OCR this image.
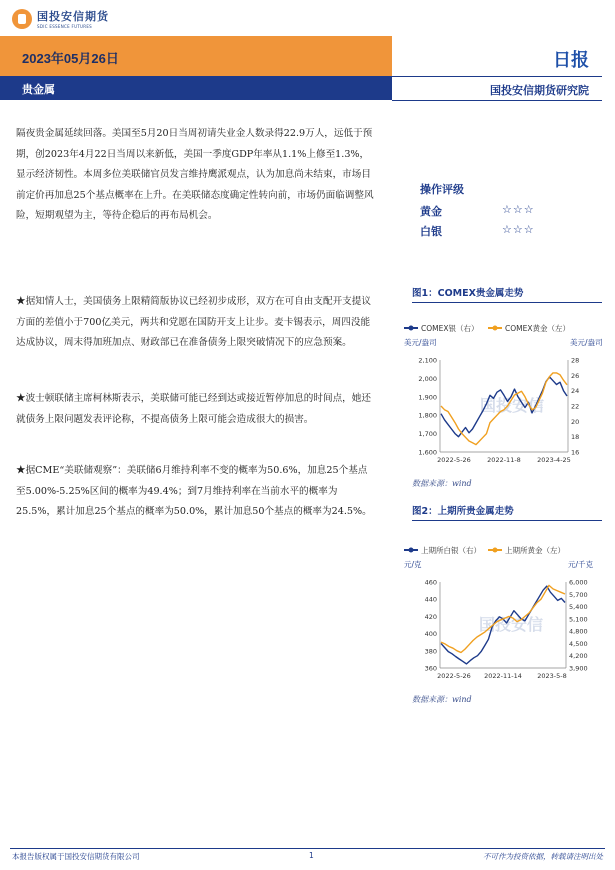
国投安信期货
SDIC ESSENCE FUTURES
2023年05月26日	日报
贵金属	国投安信期货研究院
隔夜贵金属延续回落。美国至5月20日当周初请失业金人数录得22.9万人，远低于预期，创2023年4月22日当周以来新低，美国一季度GDP年率从1.1%上修至1.3%，显示经济韧性。本周多位美联储官员发言维持鹰派观点，认为加息尚未结束，市场目前定价再加息25个基点概率在上升。在美联储态度确定性转向前，市场仍面临调整风险，短期观望为主，等待企稳后的再布局机会。
★据知情人士，美国债务上限精简版协议已经初步成形，双方在可自由支配开支提议方面的差值小于700亿美元，两共和党愿在国防开支上让步。麦卡锡表示，周四没能达成协议，周末得加班加点、财政部已在准备债务上限突破情况下的应急预案。
★波士顿联储主席柯林斯表示，美联储可能已经到达或接近暂停加息的时间点，她还就债务上限问题发表评论称，不提高债务上限可能会造成很大的损害。
★据CME“美联储观察”：美联储6月维持利率不变的概率为50.6%，加息25个基点至5.00%-5.25%区间的概率为49.4%；到7月维持利率在当前水平的概率为25.5%，累计加息25个基点的概率为50.0%，累计加息50个基点的概率为24.5%。
操作评级
黄金	☆☆☆
白银	☆☆☆
图1：COMEX贵金属走势
COMEX银（右）	COMEX黄金（左）
美元/盎司	美元/盎司
国投安信
1,600
1,700
1,800
1,900
2,000
2,100
16
18
20
22
24
26
28
2022-5-26	2022-11-8	2023-4-25
数据来源：wind
图2：上期所贵金属走势
上期所白银（右）	上期所黄金（左）
元/克	元/千克
国投安信
360
380
400
420
440
460
3,900
4,200
4,500
4,800
5,100
5,400
5,700
6,000
2022-5-26 2022-11-14 2023-5-8
数据来源：wind
本报告版权属于国投安信期货有限公司	1	不可作为投资依据，转载请注明出处
